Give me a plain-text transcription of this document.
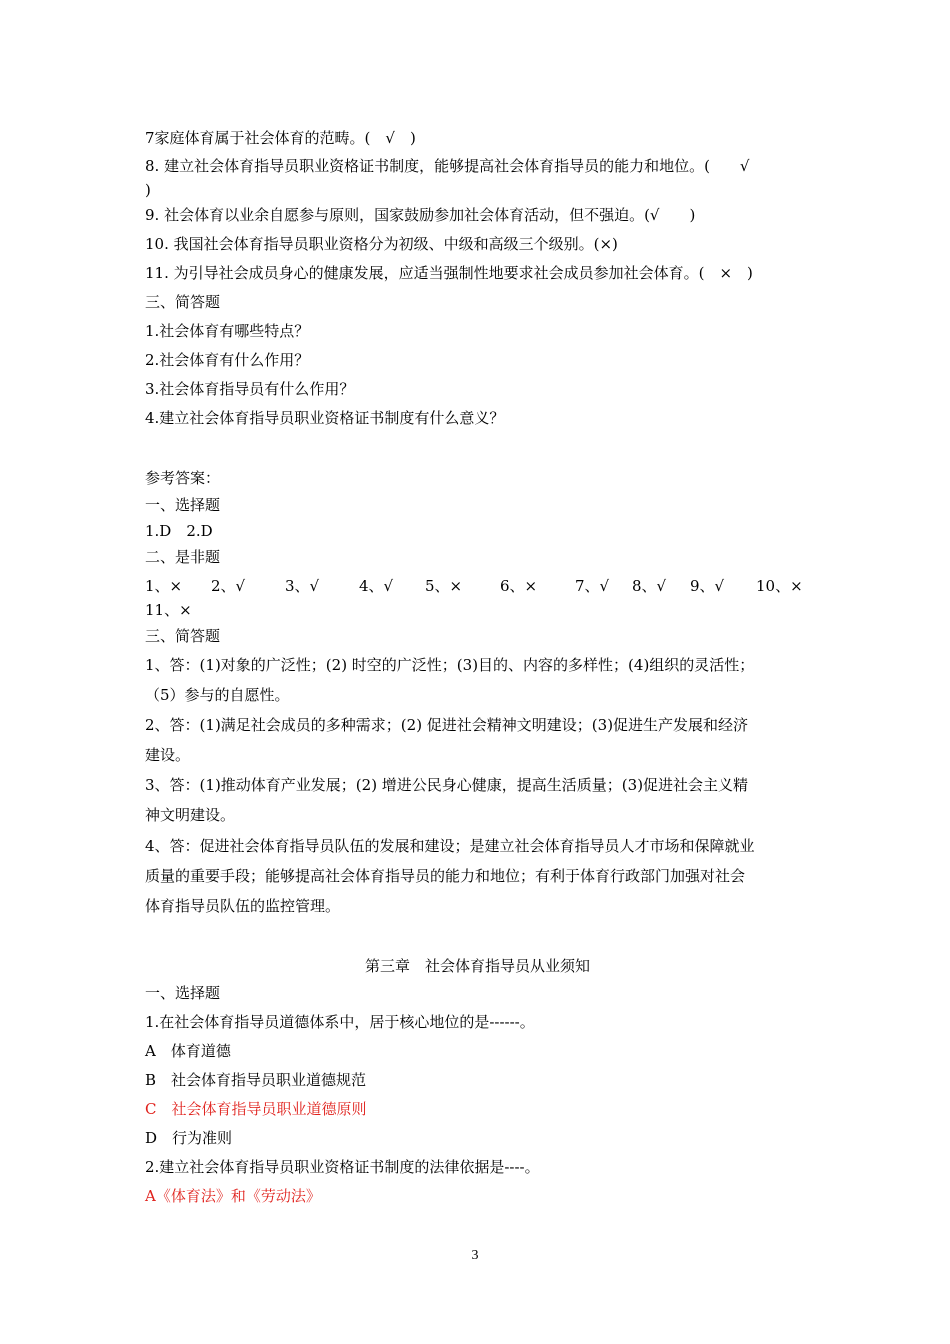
7家庭体育属于社会体育的范畴。(　√　)
8. 建立社会体育指导员职业资格证书制度，能够提高社会体育指导员的能力和地位。(　　√
)
9. 社会体育以业余自愿参与原则，国家鼓励参加社会体育活动，但不强迫。(√　　)
10. 我国社会体育指导员职业资格分为初级、中级和高级三个级别。(×)
11. 为引导社会成员身心的健康发展，应适当强制性地要求社会成员参加社会体育。(　×　)
三、简答题
1.社会体育有哪些特点？
2.社会体育有什么作用？
3.社会体育指导员有什么作用？
4.建立社会体育指导员职业资格证书制度有什么意义？
参考答案：
一、选择题
1.D　2.D
二、是非题
1、× 2、√	3、√	4、√ 5、×	6、×	7、√ 8、√ 9、√ 10、×
11、×
三、简答题
1、答：(1)对象的广泛性；(2) 时空的广泛性；(3)目的、内容的多样性；(4)组织的灵活性；
（5）参与的自愿性。
2、答：(1)满足社会成员的多种需求；(2) 促进社会精神文明建设；(3)促进生产发展和经济
建设。
3、答：(1)推动体育产业发展；(2) 增进公民身心健康，提高生活质量；(3)促进社会主义精
神文明建设。
4、答：促进社会体育指导员队伍的发展和建设；是建立社会体育指导员人才市场和保障就业
质量的重要手段；能够提高社会体育指导员的能力和地位；有利于体育行政部门加强对社会
体育指导员队伍的监控管理。
第三章　社会体育指导员从业须知
一、选择题
1.在社会体育指导员道德体系中，居于核心地位的是------。
A　体育道德
B　社会体育指导员职业道德规范
C　社会体育指导员职业道德原则
D　行为准则
2.建立社会体育指导员职业资格证书制度的法律依据是----。
A《体育法》和《劳动法》
3
